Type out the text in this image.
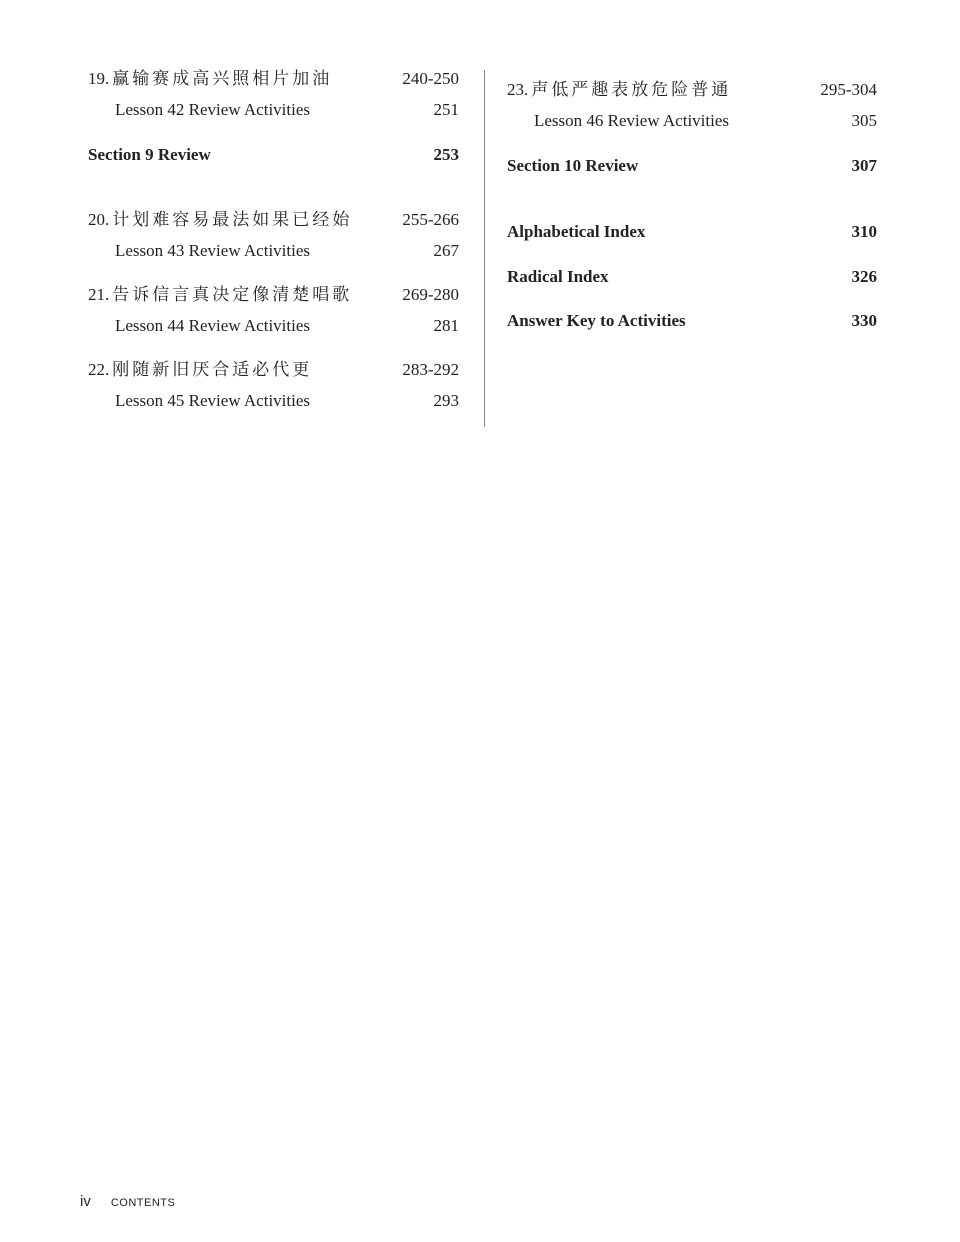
19. 赢输赛成高兴照相片加油	240-250
Lesson 42 Review Activities	251
Section 9 Review	253
20. 计划难容易最法如果已经始	255-266
Lesson 43 Review Activities	267
21. 告诉信言真决定像清楚唱歌	269-280
Lesson 44 Review Activities	281
22. 刚随新旧厌合适必代更	283-292
Lesson 45 Review Activities	293
23. 声低严趣表放危险普通	295-304
Lesson 46 Review Activities	305
Section 10 Review	307
Alphabetical Index	310
Radical Index	326
Answer Key to Activities	330
iv CONTENTS
